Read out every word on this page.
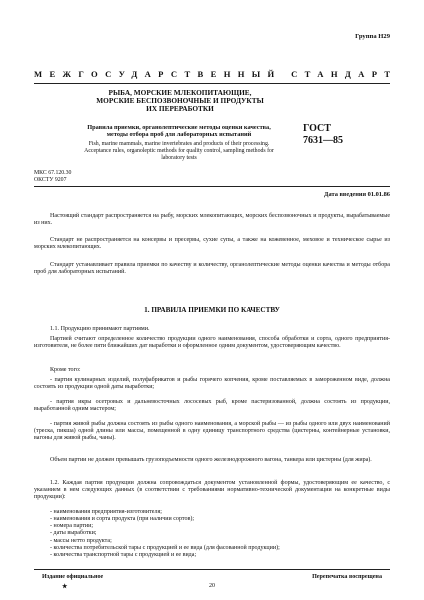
Группа Н29
МЕЖГОСУДАРСТВЕННЫЙ СТАНДАРТ
РЫБА, МОРСКИЕ МЛЕКОПИТАЮЩИЕ, МОРСКИЕ БЕСПОЗВОНОЧНЫЕ И ПРОДУКТЫ ИХ ПЕРЕРАБОТКИ
Правила приемки, органолептические методы оценки качества, методы отбора проб для лабораторных испытаний
Fish, marine mammals, marine invertebrates and products of their processing. Acceptance rules, organoleptic methods for quality control, sampling methods for laboratory tests
ГОСТ
7631—85
МКС 67.120.30
ОКСТУ 9207
Дата введения 01.01.86
Настоящий стандарт распространяется на рыбу, морских млекопитающих, морских беспозвоночных и продукты, вырабатываемые из них.
Стандарт не распространяется на консервы и пресервы, сухие супы, а также на кожевенное, меховое и техническое сырье из морских млекопитающих.
Стандарт устанавливает правила приемки по качеству и количеству, органолептические методы оценки качества и методы отбора проб для лабораторных испытаний.
1. ПРАВИЛА ПРИЕМКИ ПО КАЧЕСТВУ
1.1. Продукцию принимают партиями.
Партией считают определенное количество продукции одного наименования, способа обработки и сорта, одного предприятия-изготовителя, не более пяти ближайших дат выработки и оформленное одним документом, удостоверяющим качество.
Кроме того:
- партия кулинарных изделий, полуфабрикатов и рыбы горячего копчения, кроме поставляемых в замороженном виде, должна состоять из продукции одной даты выработки;
- партия икры осетровых и дальневосточных лососевых рыб, кроме пастеризованной, должна состоять из продукции, выработанной одним мастером;
- партия живой рыбы должна состоять из рыбы одного наименования, а морской рыбы — из рыбы одного или двух наименований (треска, пикша) одной длины или массы, помещенной в одну единицу транспортного средства (цистерны, контейнерные установки, вагоны для живой рыбы, чаны).
Объем партии не должен превышать грузоподъемности одного железнодорожного вагона, танкера или цистерны (для жира).
1.2. Каждая партия продукции должна сопровождаться документом установленной формы, удостоверяющим ее качество, с указанием в нем следующих данных (в соответствии с требованиями нормативно-технической документации на конкретные виды продукции):
- наименования предприятия-изготовителя;
- наименования и сорта продукта (при наличии сортов);
- номера партии;
- даты выработки;
- массы нетто продукта;
- количества потребительской тары с продукцией и ее вида (для фасованной продукции);
- количества транспортной тары с продукцией и ее вида;
Издание официальное
★	20
Перепечатка воспрещена
